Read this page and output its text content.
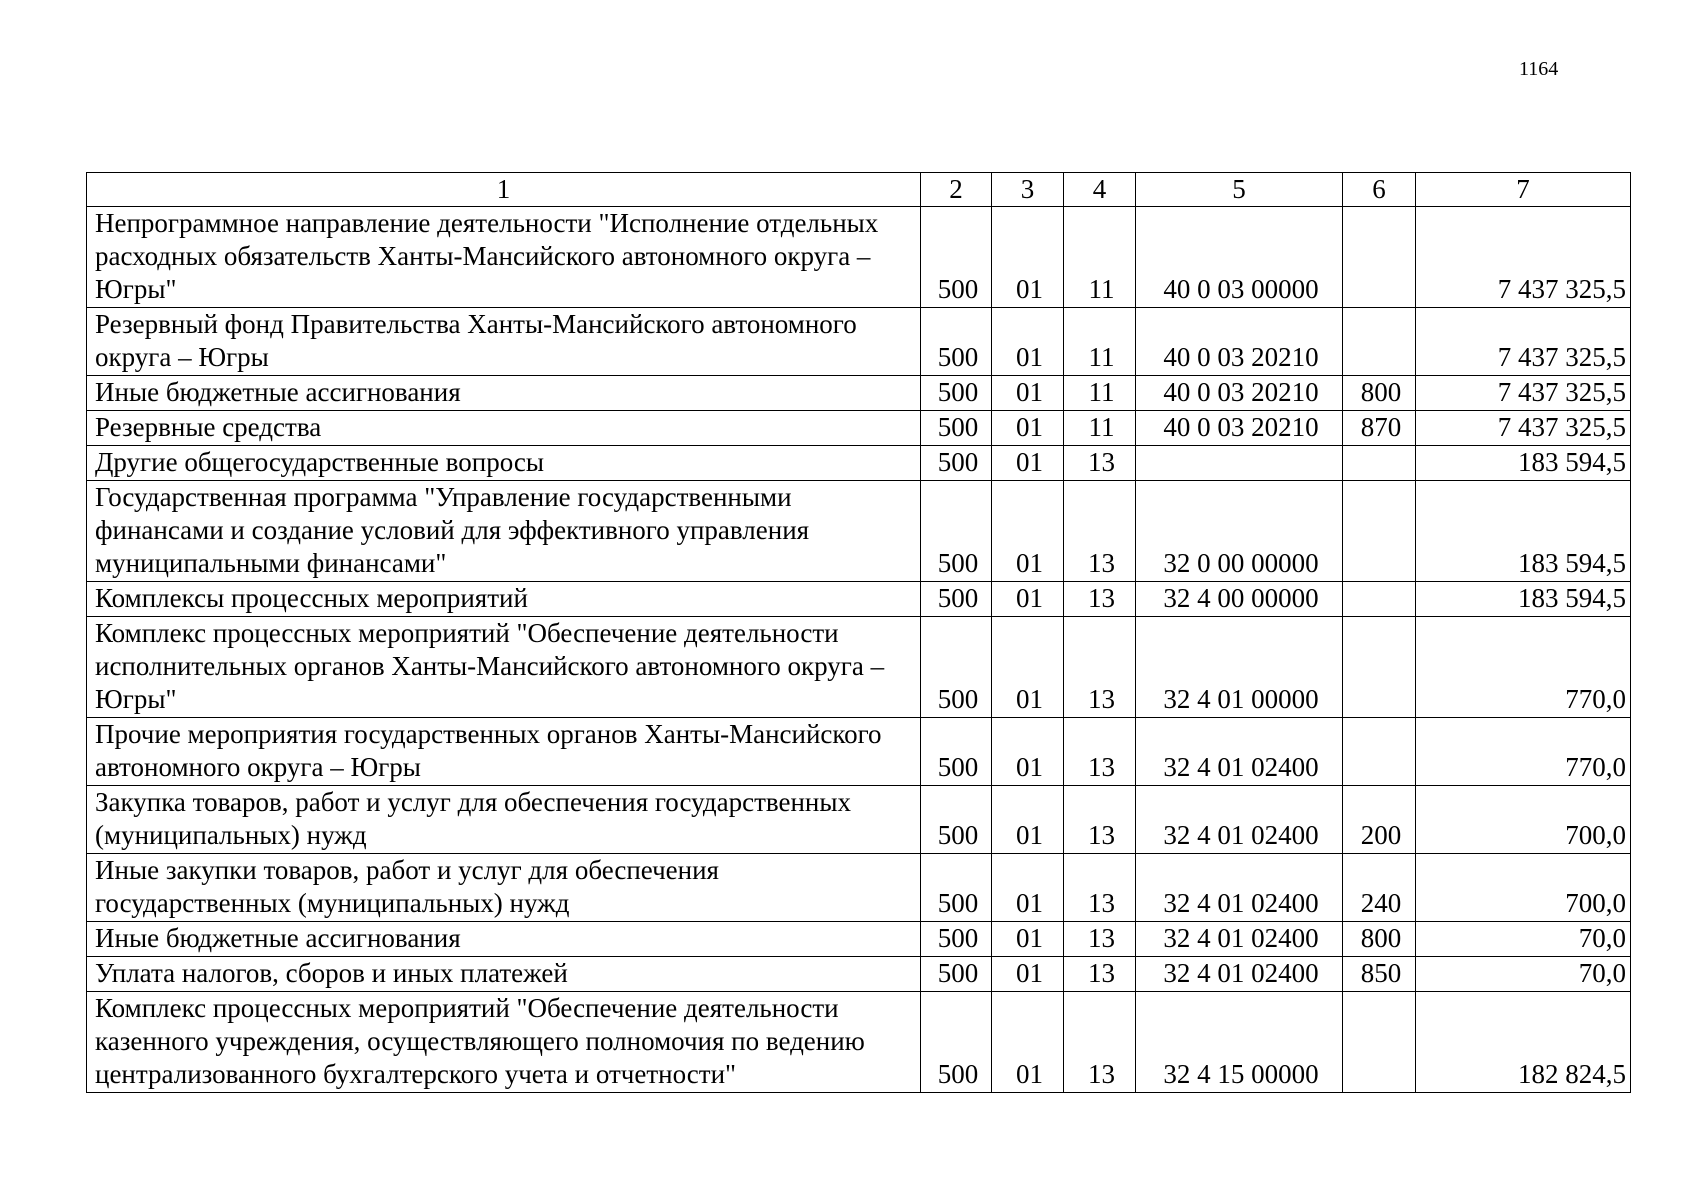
1164
1	2	3	4	5	6	7
Непрограммное направление деятельности "Исполнение отдельных расходных обязательств Ханты-Мансийского автономного округа – Югры"	500	01	11	40 0 03 00000		7 437 325,5
Резервный фонд Правительства Ханты-Мансийского автономного округа – Югры	500	01	11	40 0 03 20210		7 437 325,5
Иные бюджетные ассигнования	500	01	11	40 0 03 20210	800	7 437 325,5
Резервные средства	500	01	11	40 0 03 20210	870	7 437 325,5
Другие общегосударственные вопросы	500	01	13			183 594,5
Государственная программа "Управление государственными финансами и создание условий для эффективного управления муниципальными финансами"	500	01	13	32 0 00 00000		183 594,5
Комплексы процессных мероприятий	500	01	13	32 4 00 00000		183 594,5
Комплекс процессных мероприятий "Обеспечение деятельности исполнительных органов Ханты-Мансийского автономного округа – Югры"	500	01	13	32 4 01 00000		770,0
Прочие мероприятия государственных органов Ханты-Мансийского автономного округа – Югры	500	01	13	32 4 01 02400		770,0
Закупка товаров, работ и услуг для обеспечения государственных (муниципальных) нужд	500	01	13	32 4 01 02400	200	700,0
Иные закупки товаров, работ и услуг для обеспечения государственных (муниципальных) нужд	500	01	13	32 4 01 02400	240	700,0
Иные бюджетные ассигнования	500	01	13	32 4 01 02400	800	70,0
Уплата налогов, сборов и иных платежей	500	01	13	32 4 01 02400	850	70,0
Комплекс процессных мероприятий "Обеспечение деятельности казенного учреждения, осуществляющего полномочия по ведению централизованного бухгалтерского учета и отчетности"	500	01	13	32 4 15 00000		182 824,5
